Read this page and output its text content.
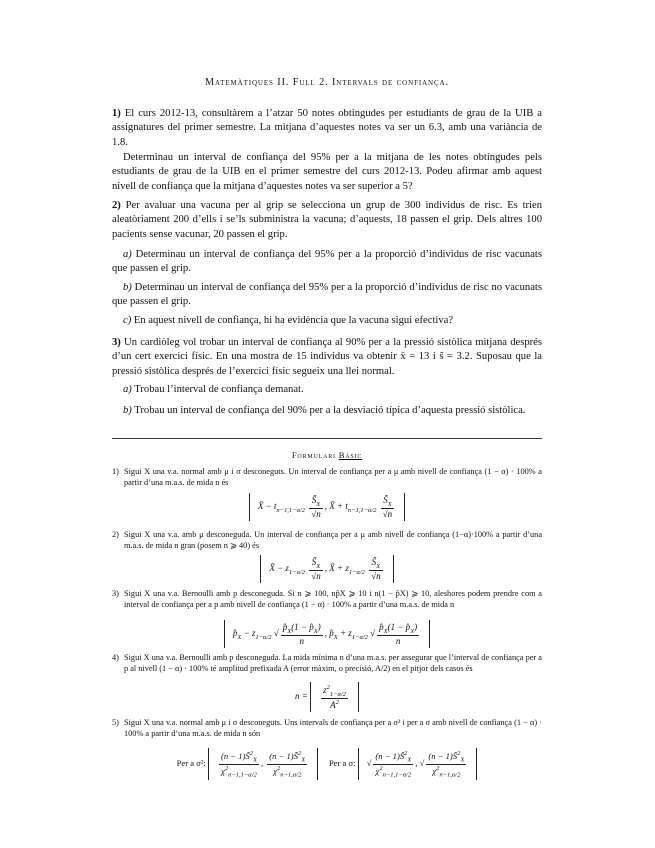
Matemàtiques II. Full 2. Intervals de confiança.

1) El curs 2012-13, consultàrem a l’atzar 50 notes obtingudes per estudiants de grau de la UIB a assignatures del primer semestre. La mitjana d’aquestes notes va ser un 6.3, amb una variància de 1.8.

Determinau un interval de confiança del 95% per a la mitjana de les notes obtingudes pels estudiants de grau de la UIB en el primer semestre del curs 2012-13. Podeu afirmar amb aquest nivell de confiança que la mitjana d’aquestes notes va ser superior a 5?

2) Per avaluar una vacuna per al grip se selecciona un grup de 300 individus de risc. Es trien aleatòriament 200 d’ells i se’ls subministra la vacuna; d’aquests, 18 passen el grip. Dels altres 100 pacients sense vacunar, 20 passen el grip.

a) Determinau un interval de confiança del 95% per a la proporció d’individus de risc vacunats que passen el grip.

b) Determinau un interval de confiança del 95% per a la proporció d’individus de risc no vacunats que passen el grip.

c) En aquest nivell de confiança, hi ha evidència que la vacuna sigui efectiva?

3) Un cardiòleg vol trobar un interval de confiança al 90% per a la pressió sistòlica mitjana després d’un cert exercici físic. En una mostra de 15 individus va obtenir x̄ = 13 i s̃ = 3.2. Suposau que la pressió sistòlica després de l’exercici físic segueix una llei normal.

a) Trobau l’interval de confiança demanat.

b) Trobau un interval de confiança del 90% per a la desviació típica d’aquesta pressió sistòlica.

Formulari Bàsic
1) Sigui X una v.a. normal amb μ i σ desconeguts. Un interval de confiança per a μ amb nivell de confiança (1 − α) · 100% a partir d’una m.a.s. de mida n és
X̄ − $t_{n-1,1-\alpha/2} \frac{S̃_X}{√n}$ , X̄ + $t_{n-1,1-\alpha/2} \frac{S̃_X}{√n}$
2) Sigui X una v.a. amb μ desconeguda. Un interval de confiança per a μ amb nivell de confiança (1−α)·100% a partir d’una m.a.s. de mida n gran (posem n ⩾ 40) és
X̄ − $z_{1-\alpha/2} \frac{S̃_X}{√n}$ , X̄ + $z_{1-\alpha/2} \frac{S̃_X}{√n}$
3) Sigui X una v.a. Bernoulli amb p desconeguda. Si n ⩾ 100, np̂X ⩾ 10 i n(1 − p̂X) ⩾ 10, aleshores podem prendre com a interval de confiança per a p amb nivell de confiança (1 − α) · 100% a partir d’una m.a.s. de mida n
$p̂_X - z_{1-\alpha/2}$ √ $\frac{p̂_X(1 - p̂_X)}{n}$ , $p̂_X + z_{1-\alpha/2}$ √ $\frac{p̂_X(1 - p̂_X)}{n}$
4) Sigui X una v.a. Bernoulli amb p desconeguda. La mida mínima n d’una m.a.s. per assegurar que l’interval de confiança per a p al nivell (1 − α) · 100% té amplitud prefixada A (error màxim, o precisió, A/2) en el pitjor dels casos és
$n = \frac{z^2_{1-\alpha/2}}{A^2}$
5) Sigui X una v.a. normal amb μ i σ desconeguts. Uns intervals de confiança per a σ² i per a σ amb nivell de confiança (1 − α) · 100% a partir d’una m.a.s. de mida n són
Per a σ²: $\frac{(n - 1)S̃^2_X}{\chi^2_{n-1,1-\alpha/2}}$ , $\frac{(n - 1)S̃^2_X}{\chi^2_{n-1,\alpha/2}}$	Per a σ: √ $\frac{(n - 1)S̃^2_X}{\chi^2_{n-1,1-\alpha/2}}$ , √ $\frac{(n - 1)S̃^2_X}{\chi^2_{n-1,\alpha/2}}$
